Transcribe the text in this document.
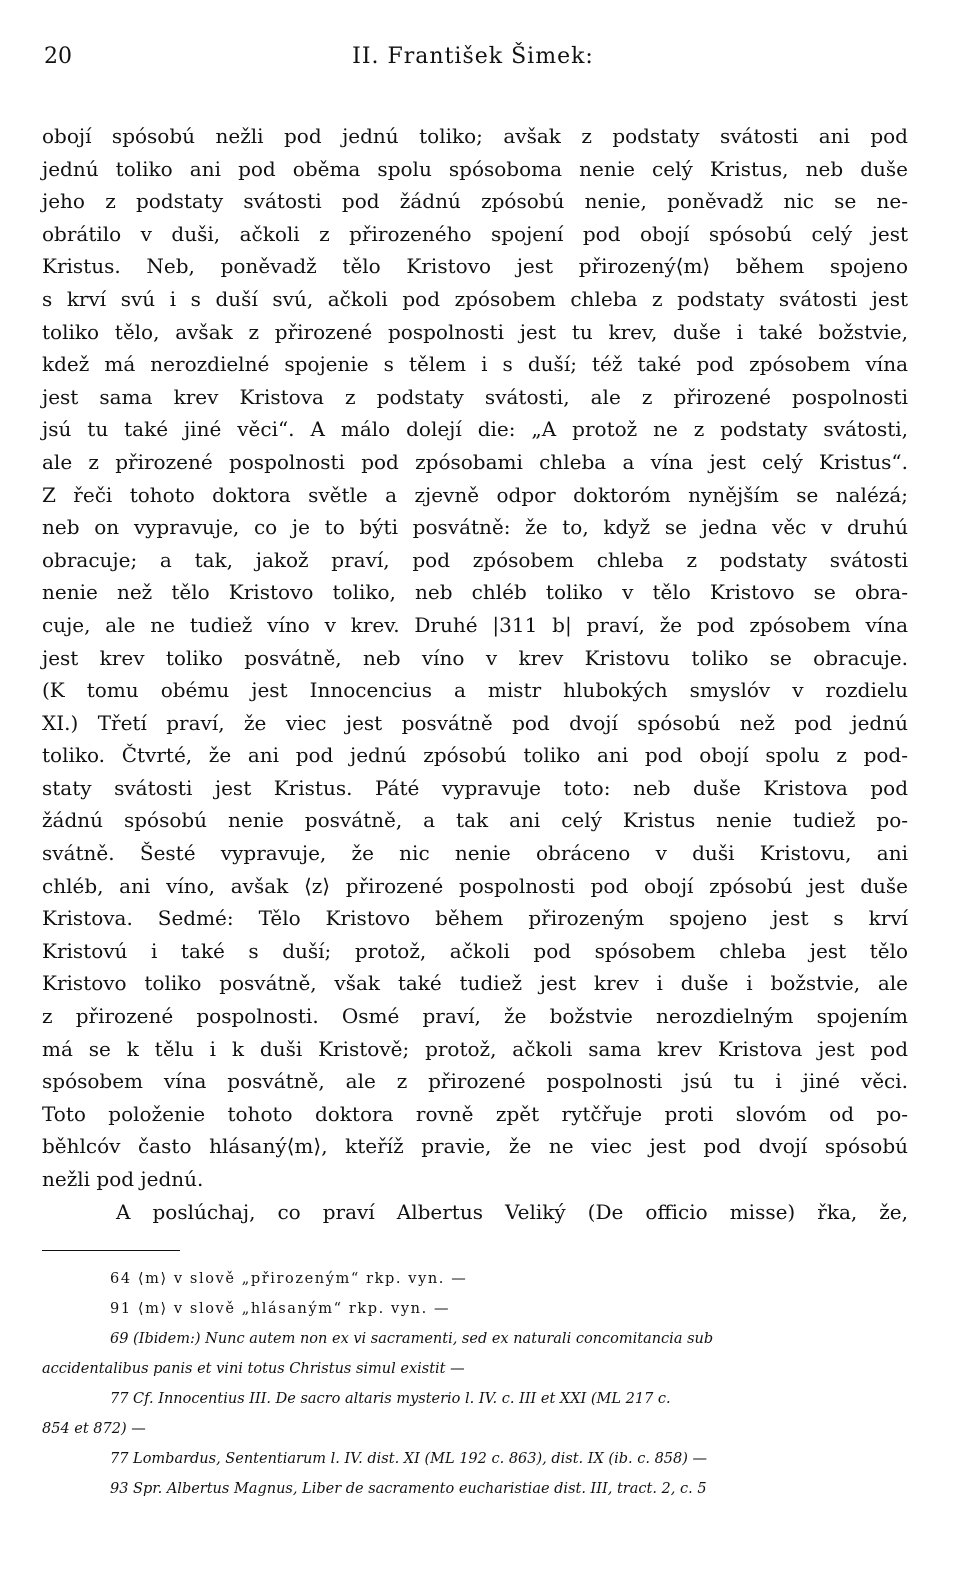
20	II. František Šimek:
obojí spósobú nežli pod jednú toliko; avšak z podstaty svátosti ani pod
jednú toliko ani pod oběma spolu spósoboma nenie celý Kristus, neb duše
jeho z podstaty svátosti pod žádnú zpósobú nenie, poněvadž nic se ne-
obrátilo v duši, ačkoli z přirozeného spojení pod obojí spósobú celý jest
Kristus. Neb, poněvadž tělo Kristovo jest přirozený⟨m⟩ během spojeno
s krví svú i s duší svú, ačkoli pod zpósobem chleba z podstaty svátosti jest
toliko tělo, avšak z přirozené pospolnosti jest tu krev, duše i také božstvie,
kdež má nerozdielné spojenie s tělem i s duší; též také pod zpósobem vína
jest sama krev Kristova z podstaty svátosti, ale z přirozené pospolnosti
jsú tu také jiné věci“. A málo dolejí die: „A protož ne z podstaty svátosti,
ale z přirozené pospolnosti pod zpósobami chleba a vína jest celý Kristus“.
Z řeči tohoto doktora světle a zjevně odpor doktoróm nynějším se nalézá;
neb on vypravuje, co je to býti posvátně: že to, když se jedna věc v druhú
obracuje; a tak, jakož praví, pod zpósobem chleba z podstaty svátosti
nenie než tělo Kristovo toliko, neb chléb toliko v tělo Kristovo se obra-
cuje, ale ne tudiež víno v krev. Druhé |311 b| praví, že pod zpósobem vína
jest krev toliko posvátně, neb víno v krev Kristovu toliko se obracuje.
(K tomu obému jest Innocencius a mistr hlubokých smyslóv v rozdielu
XI.) Třetí praví, že viec jest posvátně pod dvojí spósobú než pod jednú
toliko. Čtvrté, že ani pod jednú zpósobú toliko ani pod obojí spolu z pod-
staty svátosti jest Kristus. Páté vypravuje toto: neb duše Kristova pod
žádnú spósobú nenie posvátně, a tak ani celý Kristus nenie tudiež po-
svátně. Šesté vypravuje, že nic nenie obráceno v duši Kristovu, ani
chléb, ani víno, avšak ⟨z⟩ přirozené pospolnosti pod obojí zpósobú jest duše
Kristova. Sedmé: Tělo Kristovo během přirozeným spojeno jest s krví
Kristovú i také s duší; protož, ačkoli pod spósobem chleba jest tělo
Kristovo toliko posvátně, však také tudiež jest krev i duše i božstvie, ale
z přirozené pospolnosti. Osmé praví, že božstvie nerozdielným spojením
má se k tělu i k duši Kristově; protož, ačkoli sama krev Kristova jest pod
spósobem vína posvátně, ale z přirozené pospolnosti jsú tu i jiné věci.
Toto položenie tohoto doktora rovně zpět rytčřuje proti slovóm od po-
běhlcóv často hlásaný⟨m⟩, kteříž pravie, že ne viec jest pod dvojí spósobú
nežli pod jednú.
A poslúchaj, co praví Albertus Veliký (De officio misse) řka, že,
64 ⟨m⟩ v slově „přirozeným“ rkp. vyn. —
91 ⟨m⟩ v slově „hlásaným“ rkp. vyn. —
69 (Ibidem:) Nunc autem non ex vi sacramenti, sed ex naturali concomitancia sub
accidentalibus panis et vini totus Christus simul existit —
77 Cf. Innocentius III. De sacro altaris mysterio l. IV. c. III et XXI (ML 217 c.
854 et 872) —
77 Lombardus, Sententiarum l. IV. dist. XI (ML 192 c. 863), dist. IX (ib. c. 858) —
93 Spr. Albertus Magnus, Liber de sacramento eucharistiae dist. III, tract. 2, c. 5
